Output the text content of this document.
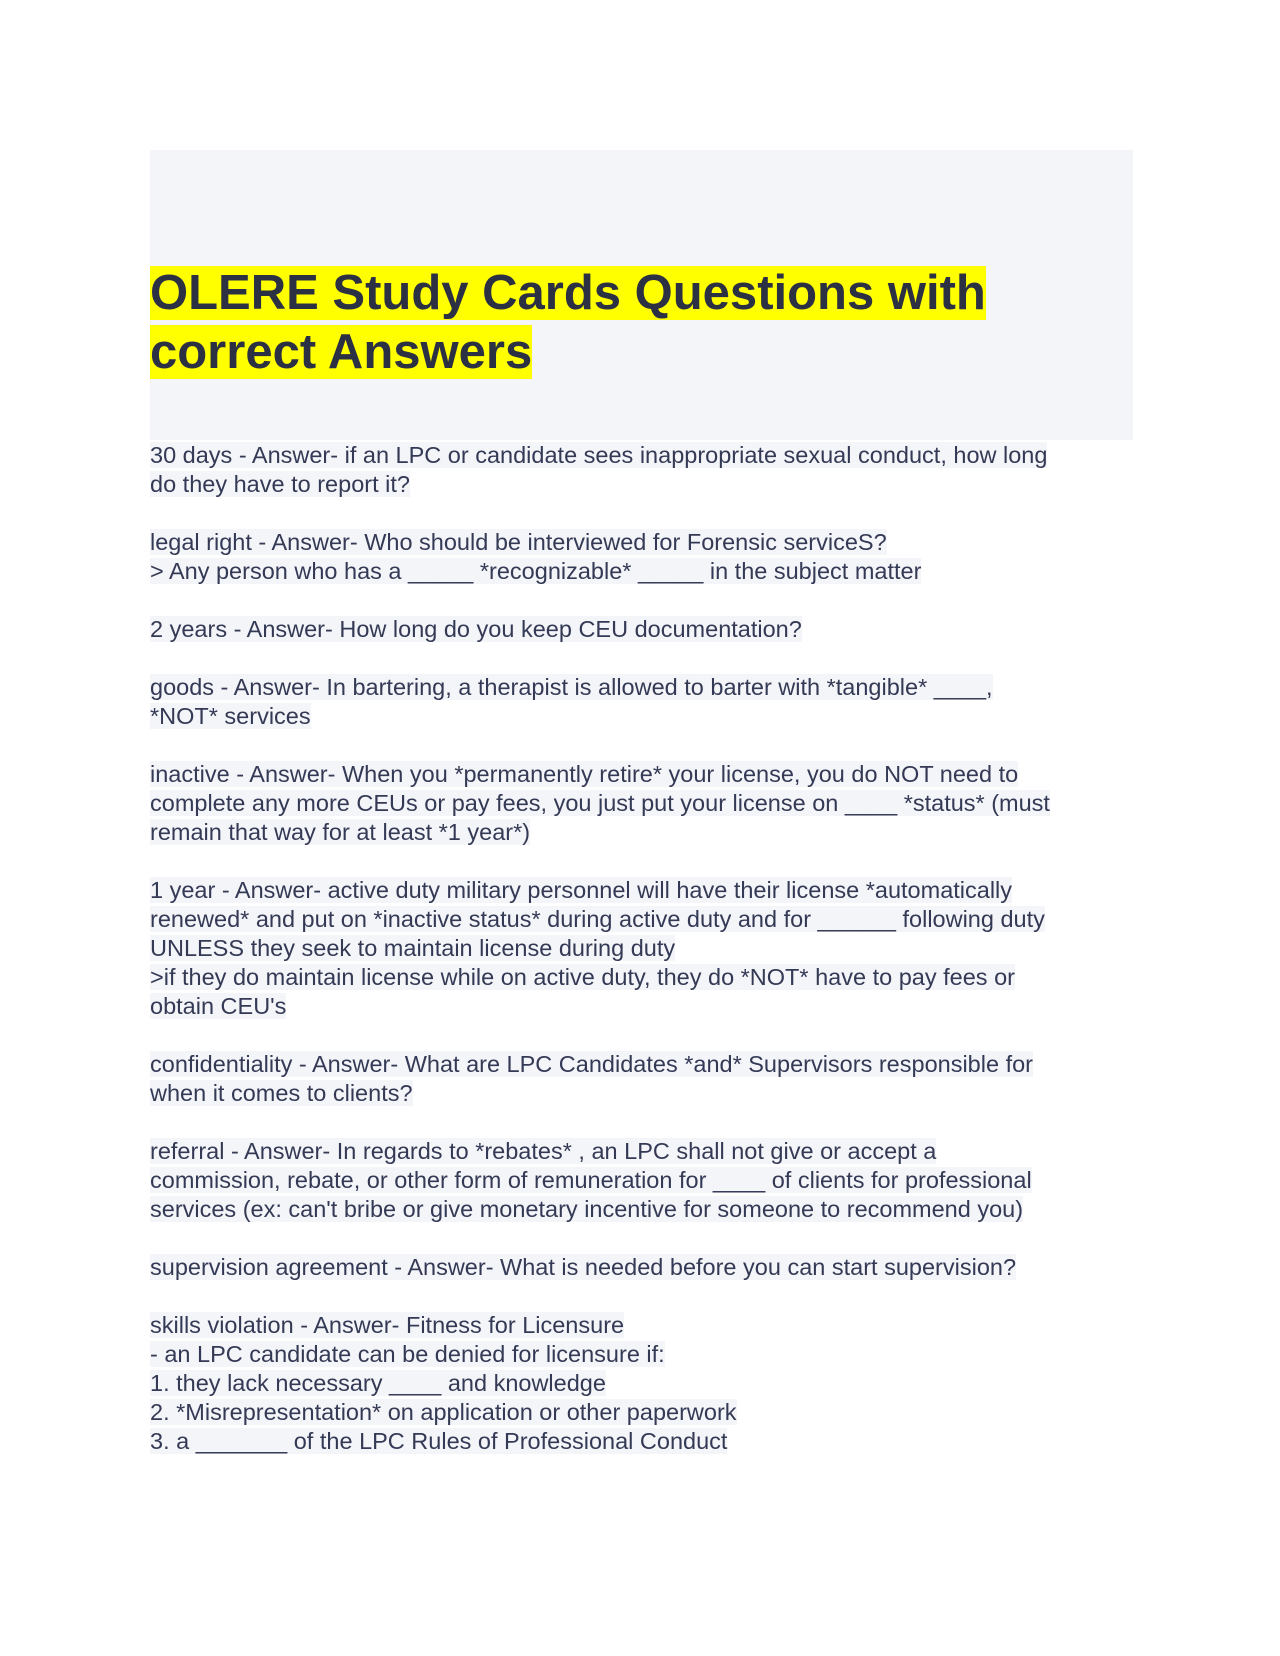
OLERE Study Cards Questions with
correct Answers

30 days - Answer- if an LPC or candidate sees inappropriate sexual conduct, how long
do they have to report it?

legal right - Answer- Who should be interviewed for Forensic serviceS?
> Any person who has a _____ *recognizable* _____ in the subject matter

2 years - Answer- How long do you keep CEU documentation?

goods - Answer- In bartering, a therapist is allowed to barter with *tangible* ____,
*NOT* services

inactive - Answer- When you *permanently retire* your license, you do NOT need to
complete any more CEUs or pay fees, you just put your license on ____ *status* (must
remain that way for at least *1 year*)

1 year - Answer- active duty military personnel will have their license *automatically
renewed* and put on *inactive status* during active duty and for ______ following duty
UNLESS they seek to maintain license during duty
>if they do maintain license while on active duty, they do *NOT* have to pay fees or
obtain CEU's

confidentiality - Answer- What are LPC Candidates *and* Supervisors responsible for
when it comes to clients?

referral - Answer- In regards to *rebates* , an LPC shall not give or accept a
commission, rebate, or other form of remuneration for ____ of clients for professional
services (ex: can't bribe or give monetary incentive for someone to recommend you)

supervision agreement - Answer- What is needed before you can start supervision?

skills violation - Answer- Fitness for Licensure
- an LPC candidate can be denied for licensure if:
1. they lack necessary ____ and knowledge
2. *Misrepresentation* on application or other paperwork
3. a _______ of the LPC Rules of Professional Conduct
